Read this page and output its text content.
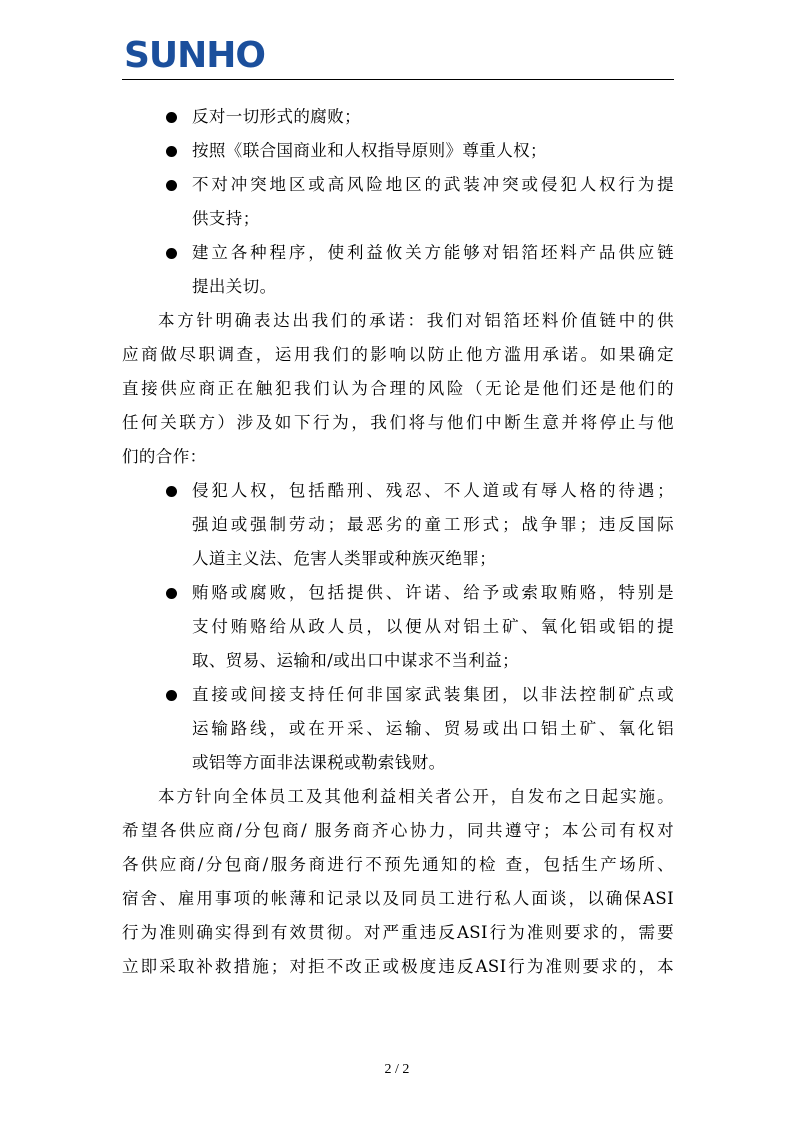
SUNHO
反对一切形式的腐败；
按照《联合国商业和人权指导原则》尊重人权；
不对冲突地区或高风险地区的武装冲突或侵犯人权行为提
供支持；
建立各种程序，使利益攸关方能够对铝箔坯料产品供应链
提出关切。
本方针明确表达出我们的承诺：我们对铝箔坯料价值链中的供
应商做尽职调查，运用我们的影响以防止他方滥用承诺。如果确定
直接供应商正在触犯我们认为合理的风险（无论是他们还是他们的
任何关联方）涉及如下行为，我们将与他们中断生意并将停止与他
们的合作：
侵犯人权，包括酷刑、残忍、不人道或有辱人格的待遇；
强迫或强制劳动；最恶劣的童工形式；战争罪；违反国际
人道主义法、危害人类罪或种族灭绝罪；
贿赂或腐败，包括提供、许诺、给予或索取贿赂，特别是
支付贿赂给从政人员，以便从对铝土矿、氧化铝或铝的提
取、贸易、运输和/或出口中谋求不当利益；
直接或间接支持任何非国家武装集团，以非法控制矿点或
运输路线，或在开采、运输、贸易或出口铝土矿、氧化铝
或铝等方面非法课税或勒索钱财。
本方针向全体员工及其他利益相关者公开，自发布之日起实施。
希望各供应商/分包商/ 服务商齐心协力，同共遵守；本公司有权对
各供应商/分包商/服务商进行不预先通知的检 查，包括生产场所、
宿舍、雇用事项的帐薄和记录以及同员工进行私人面谈，以确保ASI
行为准则确实得到有效贯彻。对严重违反ASI行为准则要求的，需要
立即采取补救措施；对拒不改正或极度违反ASI行为准则要求的，本
2 / 2
